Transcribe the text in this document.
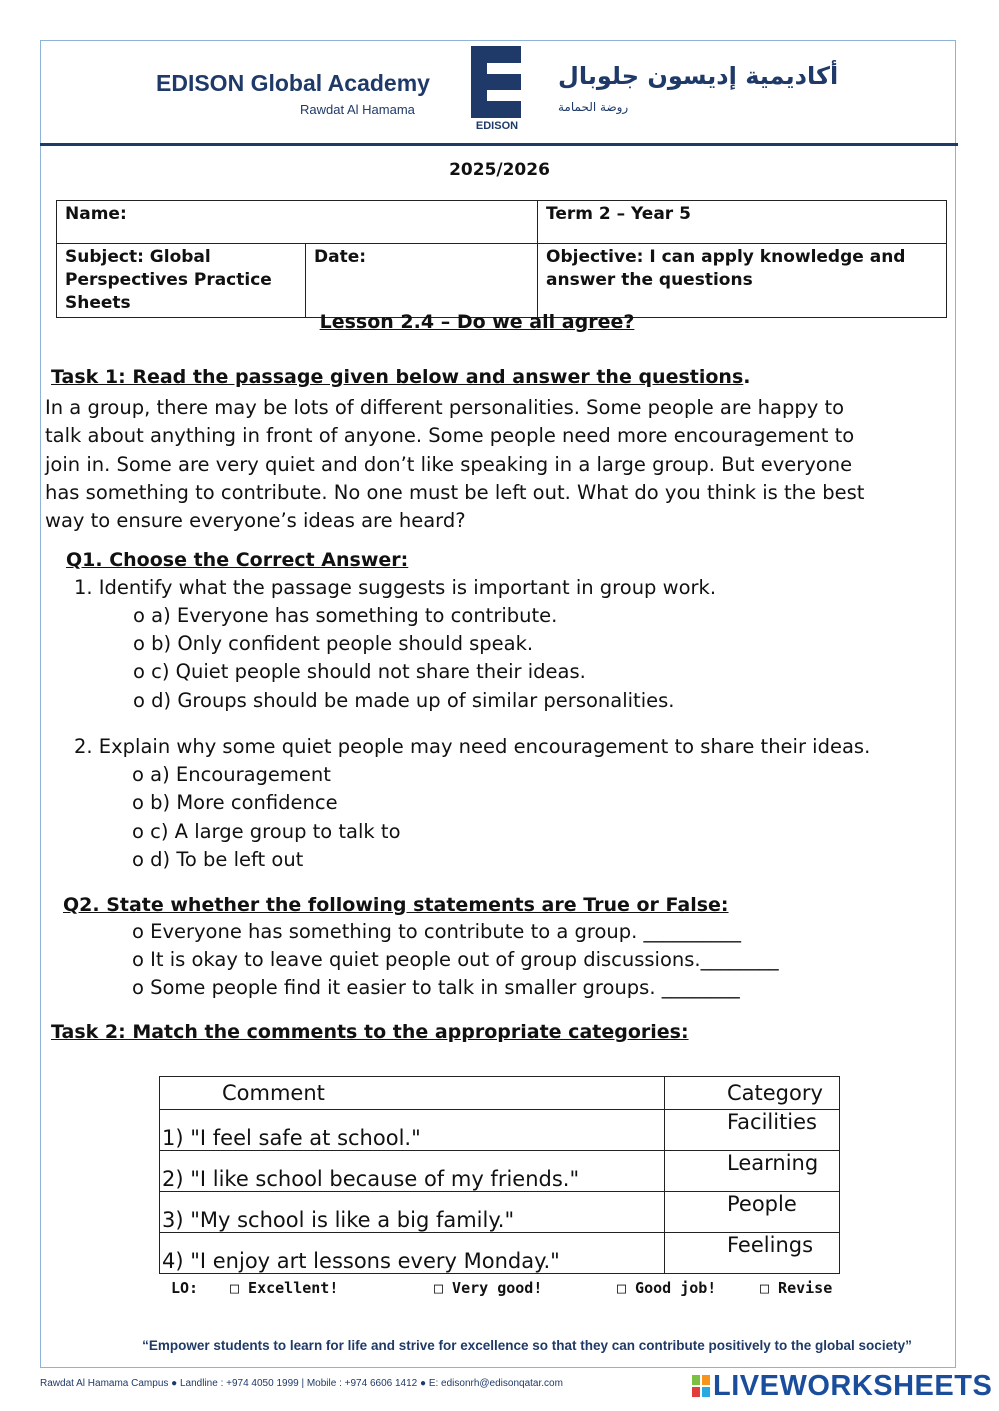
EDISON Global Academy
Rawdat Al Hamama
EDISON
أكاديمية إديسون جلوبال
روضة الحمامة
2025/2026
Name:		Term 2 – Year 5
Subject: Global Perspectives Practice Sheets	Date:	Objective: I can apply knowledge and answer the questions
Lesson 2.4 – Do we all agree?
Task 1: Read the passage given below and answer the questions.
In a group, there may be lots of different personalities. Some people are happy to
talk about anything in front of anyone. Some people need more encouragement to
join in. Some are very quiet and don’t like speaking in a large group. But everyone
has something to contribute. No one must be left out. What do you think is the best
way to ensure everyone’s ideas are heard?
Q1. Choose the Correct Answer:
1. Identify what the passage suggests is important in group work.
o a) Everyone has something to contribute.
o b) Only confident people should speak.
o c) Quiet people should not share their ideas.
o d) Groups should be made up of similar personalities.
2. Explain why some quiet people may need encouragement to share their ideas.
o a) Encouragement
o b) More confidence
o c) A large group to talk to
o d) To be left out
Q2. State whether the following statements are True or False:
o Everyone has something to contribute to a group. __________
o It is okay to leave quiet people out of group discussions.________
o Some people find it easier to talk in smaller groups. ________
Task 2: Match the comments to the appropriate categories:
Comment	Category
1) "I feel safe at school."	Facilities
2) "I like school because of my friends."	Learning
3) "My school is like a big family."	People
4) "I enjoy art lessons every Monday."	Feelings
LO: □ Excellent!	□ Very good!	□ Good job!	□ Revise
“Empower students to learn for life and strive for excellence so that they can contribute positively to the global society”
Rawdat Al Hamama Campus ● Landline : +974 4050 1999 | Mobile : +974 6606 1412 ● E: edisonrh@edisonqatar.com	LIVEWORKSHEETS
